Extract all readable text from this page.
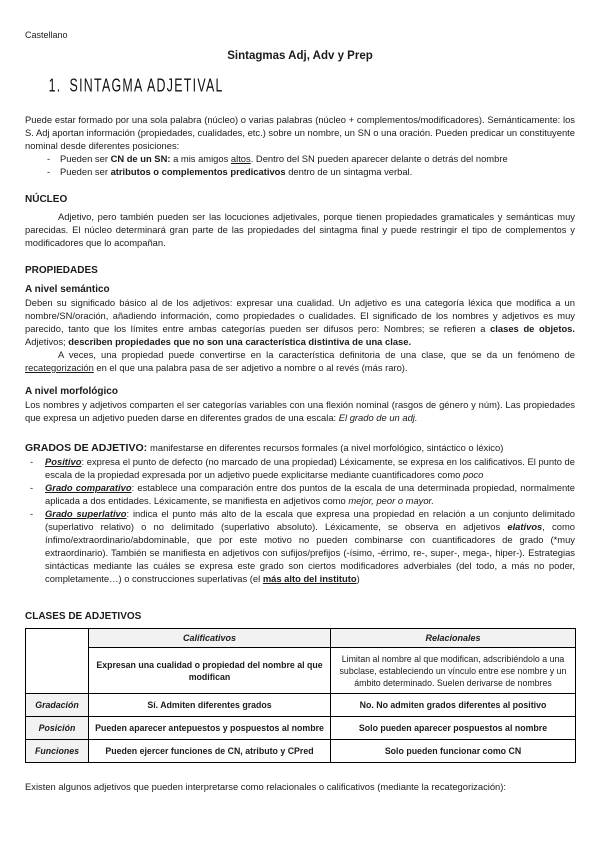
Castellano
Sintagmas Adj, Adv y Prep
1. SINTAGMA ADJETIVAL
Puede estar formado por una sola palabra (núcleo) o varias palabras (núcleo + complementos/modificadores). Semánticamente: los S. Adj aportan información (propiedades, cualidades, etc.) sobre un nombre, un SN o una oración. Pueden predicar un constituyente nominal desde diferentes posiciones:
-	Pueden ser CN de un SN: a mis amigos altos. Dentro del SN pueden aparecer delante o detrás del nombre
-	Pueden ser atributos o complementos predicativos dentro de un sintagma verbal.
NÚCLEO
Adjetivo, pero también pueden ser las locuciones adjetivales, porque tienen propiedades gramaticales y semánticas muy parecidas. El núcleo determinará gran parte de las propiedades del sintagma final y puede restringir el tipo de complementos y modificadores que lo acompañan.
PROPIEDADES
A nivel semántico
Deben su significado básico al de los adjetivos: expresar una cualidad. Un adjetivo es una categoría léxica que modifica a un nombre/SN/oración, añadiendo información, como propiedades o cualidades. El significado de los nombres y adjetivos es muy parecido, tanto que los límites entre ambas categorías pueden ser difusos pero: Nombres; se refieren a clases de objetos. Adjetivos; describen propiedades que no son una característica distintiva de una clase.
A veces, una propiedad puede convertirse en la característica definitoria de una clase, que se da un fenómeno de recategorización en el que una palabra pasa de ser adjetivo a nombre o al revés (más raro).
A nivel morfológico
Los nombres y adjetivos comparten el ser categorías variables con una flexión nominal (rasgos de género y núm). Las propiedades que expresa un adjetivo pueden darse en diferentes grados de una escala: El grado de un adj.
GRADOS DE ADJETIVO: manifestarse en diferentes recursos formales (a nivel morfológico, sintáctico o léxico)
-	Positivo: expresa el punto de defecto (no marcado de una propiedad) Léxicamente, se expresa en los calificativos. El punto de escala de la propiedad expresada por un adjetivo puede explicitarse mediante cuantificadores como poco
-	Grado comparativo: establece una comparación entre dos puntos de la escala de una determinada propiedad, normalmente aplicada a dos entidades. Léxicamente, se manifiesta en adjetivos como mejor, peor o mayor.
-	Grado superlativo: indica el punto más alto de la escala que expresa una propiedad en relación a un conjunto delimitado (superlativo relativo) o no delimitado (superlativo absoluto). Léxicamente, se observa en adjetivos elativos, como ínfimo/extraordinario/abdominable, que por este motivo no pueden combinarse con cuantificadores de grado (*muy extraordinario). También se manifiesta en adjetivos con sufijos/prefijos (-ísimo, -érrimo, re-, super-, mega-, hiper-). Estrategias sintácticas mediante las cuáles se expresa este grado son ciertos modificadores adverbiales (del todo, a más no poder, completamente…) o construcciones superlativas (el más alto del instituto)
CLASES DE ADJETIVOS
	Calificativos	Relacionales
	Expresan una cualidad o propiedad del nombre al que modifican	Limitan al nombre al que modifican, adscribiéndolo a una subclase, estableciendo un vínculo entre ese nombre y un ámbito determinado. Suelen derivarse de nombres
Gradación	Sí. Admiten diferentes grados	No. No admiten grados diferentes al positivo
Posición	Pueden aparecer antepuestos y pospuestos al nombre	Solo pueden aparecer pospuestos al nombre
Funciones	Pueden ejercer funciones de CN, atributo y CPred	Solo pueden funcionar como CN
Existen algunos adjetivos que pueden interpretarse como relacionales o calificativos (mediante la recategorización):
